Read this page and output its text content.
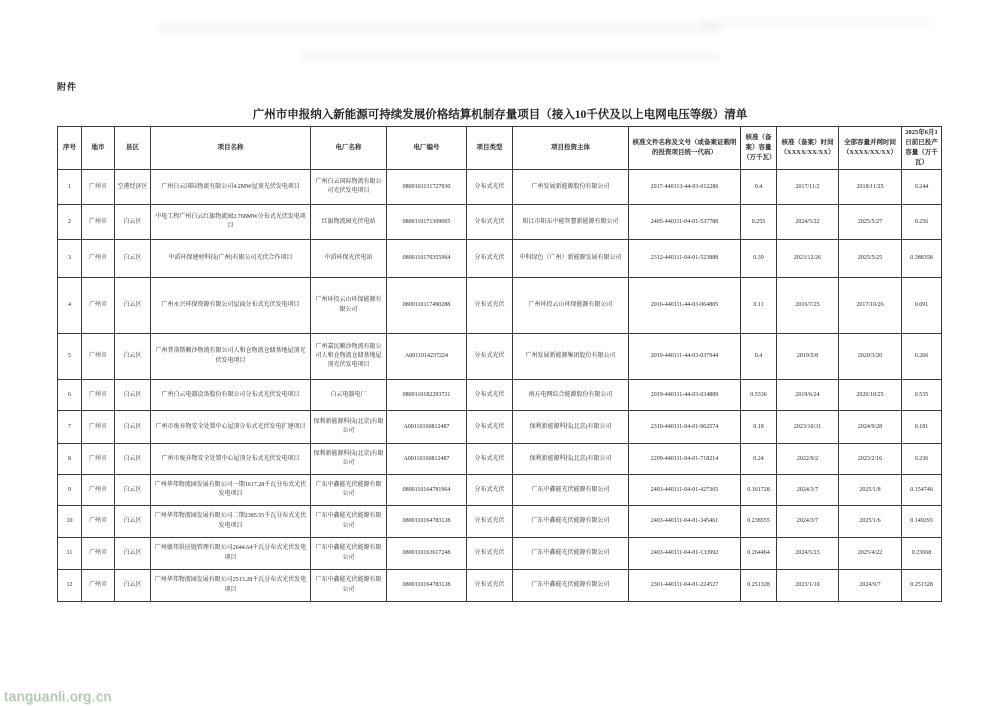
附件
广州市申报纳入新能源可持续发展价格结算机制存量项目（接入10千伏及以上电网电压等级）清单
序号	地市	县区	项目名称	电厂名称	电厂编号	项目类型	项目投资主体	核准文件名称及文号（或备案证载明的投资项目统一代码）	核准（备案）容量（万千瓦）	核准（备案）时间（XXXX/XX/XX）	全部容量并网时间（XXXX/XX/XX）	2025年6月1日前已投产容量（万千瓦）
1	广州市	空港经济区	广州白云国际物流有限公司4.2MW屋顶光伏发电项目	广州白云国际物流有限公司光伏发电项目	0800101131727930	分布式光伏	广州发展新能源股份有限公司	2017-440113-44-03-012280	0.4	2017/11/2	2018/11/25	0.244
2	广州市	白云区	中电工程广州白云红旗物流园2.768MW分布式光伏发电项目	红旗物流园光伏电站	0800110171309005	分布式光伏	阳江市阳东中能智慧新能源有限公司	2405-440111-04-01-537788	0.255	2024/5/22	2025/5/27	0.256
3	广州市	白云区	中滔环保建材科技(广州)有限公司光伏合作项目	中滔环保光伏电站	0800110170355964	分布式光伏	中科绿色（广州）新能源发展有限公司	2312-440111-04-01-523888	0.39	2023/12/26	2025/5/25	0.388358
4	广州市	白云区	广州永兴环保资源有限公司屋面分布式光伏发电项目	广州环投云山环保能源有限公司	0800110117490288	分布式光伏	广州环投云山环保能源有限公司	2016-440111-44-03-064805	0.11	2016/7/25	2017/10/26	0.091
5	广州市	白云区	广州普洛斯顺沙物流有限公司人和仓物流仓储基地屋顶光伏发电项目	广州嘉民顺沙物流有限公司人和仓物流仓储基地屋顶光伏发电项目	A0011014237224	分布式光伏	广州发展新能源集团股份有限公司	2019-440111-44-03-037944	0.4	2019/5/8	2020/3/20	0.266
6	广州市	白云区	广州白云电器设备股份有限公司分布式光伏发电项目	白云电器电厂	0800110182293731	分布式光伏	南方电网综合能源股份有限公司	2019-440111-44-03-034889	0.5336	2019/6/24	2020/10/25	0.535
7	广州市	白云区	广州市废弃物安全处置中心屋顶分布式光伏发电扩建项目	保利新能源科技(北京)有限公司	A00110160812487	分布式光伏	保利新能源科技(北京)有限公司	2310-440111-04-01-962574	0.18	2023/10/31	2024/9/28	0.181
8	广州市	白云区	广州市废弃物安全处置中心屋顶分布式光伏发电项目	保利新能源科技(北京)有限公司	A00110160812487	分布式光伏	保利新能源科技(北京)有限公司	2209-440111-04-01-718214	0.24	2022/9/2	2023/2/16	0.236
9	广州市	白云区	广州华邦物流园发展有限公司一期1617.28千瓦分布式光伏发电项目	广东中鑫能光伏能源有限公司	0800110164781964	分布式光伏	广东中鑫能光伏能源有限公司	2403-440111-04-01-427365	0.161728	2024/3/7	2025/1/8	0.154746
10	广州市	白云区	广州华邦物流园发展有限公司二期2385.55千瓦分布式光伏发电项目	广东中鑫能光伏能源有限公司	0800110164783128	分布式光伏	广东中鑫能光伏能源有限公司	2403-440111-04-01-345461	0.238555	2024/3/7	2025/1/6	0.149293
11	广州市	白云区	广州德邦供应链管理有限公司2644.64千瓦分布式光伏发电项目	广东中鑫能光伏能源有限公司	0800110163617248	分布式光伏	广东中鑫能光伏能源有限公司	2403-440111-04-01-133992	0.264464	2024/5/23	2025/4/22	0.23668
12	广州市	白云区	广州华邦物流园发展有限公司2513.28千瓦分布式光伏发电项目	广东中鑫能光伏能源有限公司	0800110164783128	分布式光伏	广东中鑫能光伏能源有限公司	2301-440111-04-01-224527	0.251328	2023/1/10	2024/9/7	0.251328
tanguanli.org.cn
